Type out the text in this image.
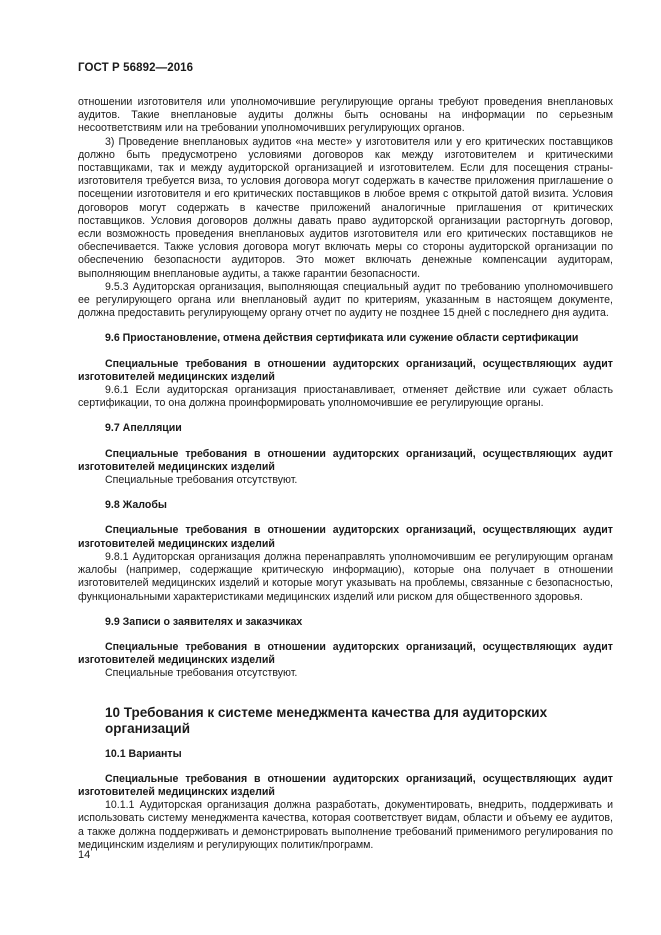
ГОСТ Р 56892—2016

отношении изготовителя или уполномочившие регулирующие органы требуют проведения внеплановых аудитов. Такие внеплановые аудиты должны быть основаны на информации по серьезным несоответствиям или на требовании уполномочивших регулирующих органов.

3) Проведение внеплановых аудитов «на месте» у изготовителя или у его критических поставщиков должно быть предусмотрено условиями договоров как между изготовителем и критическими поставщиками, так и между аудиторской организацией и изготовителем. Если для посещения страны-изготовителя требуется виза, то условия договора могут содержать в качестве приложения приглашение о посещении изготовителя и его критических поставщиков в любое время с открытой датой визита. Условия договоров могут содержать в качестве приложений аналогичные приглашения от критических поставщиков. Условия договоров должны давать право аудиторской организации расторгнуть договор, если возможность проведения внеплановых аудитов изготовителя или его критических поставщиков не обеспечивается. Также условия договора могут включать меры со стороны аудиторской организации по обеспечению безопасности аудиторов. Это может включать денежные компенсации аудиторам, выполняющим внеплановые аудиты, а также гарантии безопасности.

9.5.3 Аудиторская организация, выполняющая специальный аудит по требованию уполномочившего ее регулирующего органа или внеплановый аудит по критериям, указанным в настоящем документе, должна предоставить регулирующему органу отчет по аудиту не позднее 15 дней с последнего дня аудита.

9.6 Приостановление, отмена действия сертификата или сужение области сертификации

Специальные требования в отношении аудиторских организаций, осуществляющих аудит изготовителей медицинских изделий

9.6.1 Если аудиторская организация приостанавливает, отменяет действие или сужает область сертификации, то она должна проинформировать уполномочившие ее регулирующие органы.

9.7 Апелляции

Специальные требования в отношении аудиторских организаций, осуществляющих аудит изготовителей медицинских изделий

Специальные требования отсутствуют.

9.8 Жалобы

Специальные требования в отношении аудиторских организаций, осуществляющих аудит изготовителей медицинских изделий

9.8.1 Аудиторская организация должна перенаправлять уполномочившим ее регулирующим органам жалобы (например, содержащие критическую информацию), которые она получает в отношении изготовителей медицинских изделий и которые могут указывать на проблемы, связанные с безопасностью, функциональными характеристиками медицинских изделий или риском для общественного здоровья.

9.9 Записи о заявителях и заказчиках

Специальные требования в отношении аудиторских организаций, осуществляющих аудит изготовителей медицинских изделий

Специальные требования отсутствуют.

10 Требования к системе менеджмента качества для аудиторских организаций

10.1 Варианты

Специальные требования в отношении аудиторских организаций, осуществляющих аудит изготовителей медицинских изделий

10.1.1 Аудиторская организация должна разработать, документировать, внедрить, поддерживать и использовать систему менеджмента качества, которая соответствует видам, области и объему ее аудитов, а также должна поддерживать и демонстрировать выполнение требований применимого регулирования по медицинским изделиям и регулирующих политик/программ.

14
